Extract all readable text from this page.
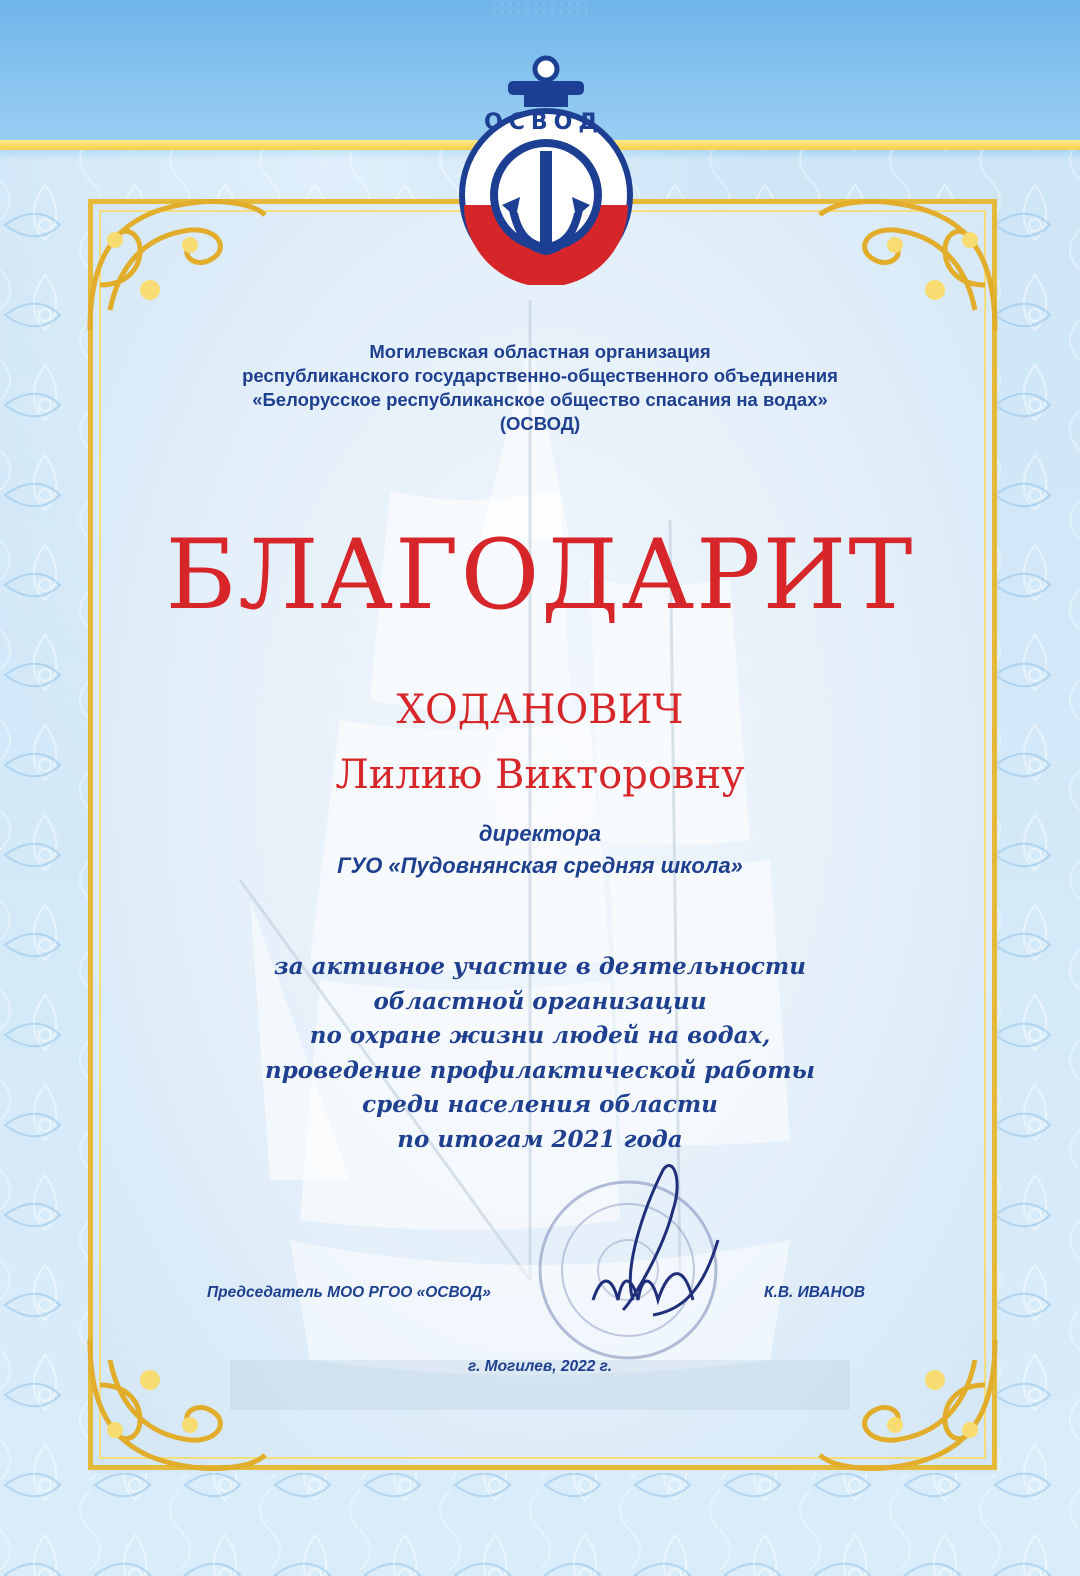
ОСВОД
Могилевская областная организация
республиканского государственно-общественного объединения
«Белорусское республиканское общество спасания на водах»
(ОСВОД)
БЛАГОДАРИТ
ХОДАНОВИЧ
Лилию Викторовну
директора
ГУО «Пудовнянская средняя школа»
за активное участие в деятельности
областной организации
по охране жизни людей на водах,
проведение профилактической работы
среди населения области
по итогам 2021 года
Председатель МОО РГОО «ОСВОД»	К.В. ИВАНОВ
г. Могилев, 2022 г.
